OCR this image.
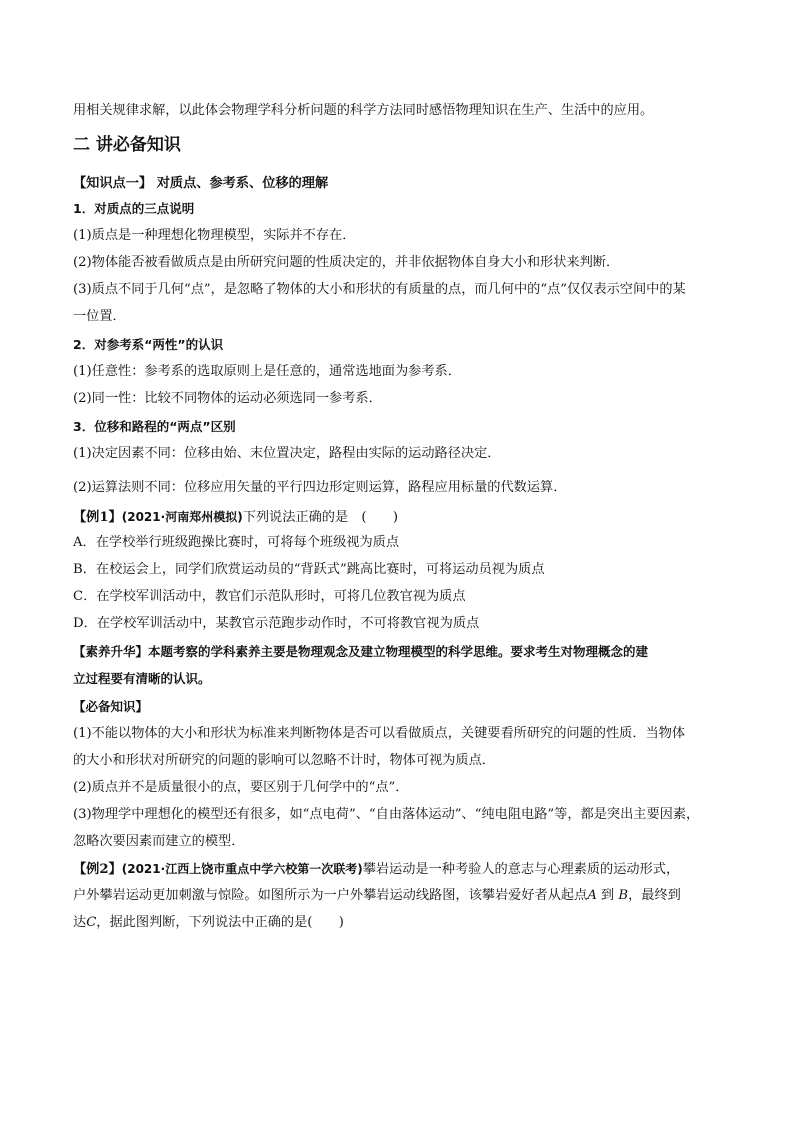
用相关规律求解，以此体会物理学科分析问题的科学方法同时感悟物理知识在生产、生活中的应用。
二 讲必备知识
【知识点一】 对质点、参考系、位移的理解
1．对质点的三点说明
(1)质点是一种理想化物理模型，实际并不存在．
(2)物体能否被看做质点是由所研究问题的性质决定的，并非依据物体自身大小和形状来判断．
(3)质点不同于几何“点”，是忽略了物体的大小和形状的有质量的点，而几何中的“点”仅仅表示空间中的某
一位置．
2．对参考系“两性”的认识
(1)任意性：参考系的选取原则上是任意的，通常选地面为参考系．
(2)同一性：比较不同物体的运动必须选同一参考系．
3．位移和路程的“两点”区别
(1)决定因素不同：位移由始、末位置决定，路程由实际的运动路径决定．
(2)运算法则不同：位移应用矢量的平行四边形定则运算，路程应用标量的代数运算．
【例1】(2021·河南郑州模拟)下列说法正确的是　(　　)
A．在学校举行班级跑操比赛时，可将每个班级视为质点
B．在校运会上，同学们欣赏运动员的“背跃式”跳高比赛时，可将运动员视为质点
C．在学校军训活动中，教官们示范队形时，可将几位教官视为质点
D．在学校军训活动中，某教官示范跑步动作时，不可将教官视为质点
【素养升华】本题考察的学科素养主要是物理观念及建立物理模型的科学思维。要求考生对物理概念的建
立过程要有清晰的认识。
【必备知识】
(1)不能以物体的大小和形状为标准来判断物体是否可以看做质点，关键要看所研究的问题的性质．当物体
的大小和形状对所研究的问题的影响可以忽略不计时，物体可视为质点．
(2)质点并不是质量很小的点，要区别于几何学中的“点”．
(3)物理学中理想化的模型还有很多，如“点电荷”、“自由落体运动”、“纯电阻电路”等，都是突出主要因素，
忽略次要因素而建立的模型．
【例2】(2021·江西上饶市重点中学六校第一次联考)攀岩运动是一种考验人的意志与心理素质的运动形式，
户外攀岩运动更加刺激与惊险。如图所示为一户外攀岩运动线路图，该攀岩爱好者从起点A 到 B，最终到
达C，据此图判断，下列说法中正确的是(　　)
